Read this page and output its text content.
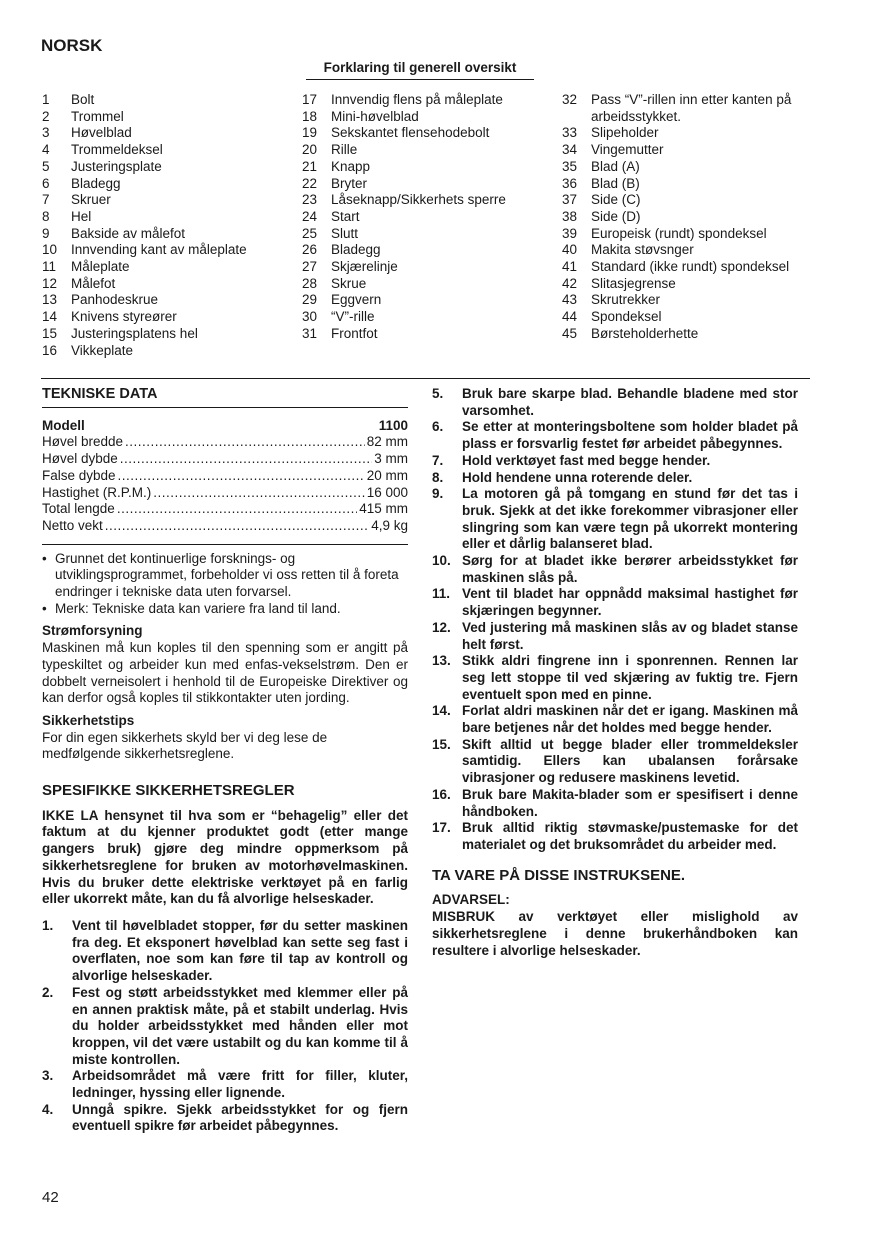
NORSK
Forklaring til generell oversikt
1	Bolt
2	Trommel
3	Høvelblad
4	Trommeldeksel
5	Justeringsplate
6	Bladegg
7	Skruer
8	Hel
9	Bakside av målefot
10	Innvending kant av måleplate
11	Måleplate
12	Målefot
13	Panhodeskrue
14	Knivens styreører
15	Justeringsplatens hel
16	Vikkeplate
17	Innvendig flens på måleplate
18	Mini-høvelblad
19	Sekskantet flensehodebolt
20	Rille
21	Knapp
22	Bryter
23	Låseknapp/Sikkerhets sperre
24	Start
25	Slutt
26	Bladegg
27	Skjærelinje
28	Skrue
29	Eggvern
30	“V”-rille
31	Frontfot
32	Pass “V”-rillen inn etter kanten på arbeidsstykket.
33	Slipeholder
34	Vingemutter
35	Blad (A)
36	Blad (B)
37	Side (C)
38	Side (D)
39	Europeisk (rundt) spondeksel
40	Makita støvsnger
41	Standard (ikke rundt) spondeksel
42	Slitasjegrense
43	Skrutrekker
44	Spondeksel
45	Børsteholderhette
TEKNISKE DATA
Modell	1100
Høvel bredde .....	82 mm
Høvel dybde .....	3 mm
False dybde .....	20 mm
Hastighet (R.P.M.) .....	16 000
Total lengde .....	415 mm
Netto vekt .....	4,9 kg
• Grunnet det kontinuerlige forsknings- og utviklingsprogrammet, forbeholder vi oss retten til å foreta endringer i tekniske data uten forvarsel.
• Merk: Tekniske data kan variere fra land til land.
Strømforsyning

Maskinen må kun koples til den spenning som er angitt på typeskiltet og arbeider kun med enfas-vekselstrøm. Den er dobbelt verneisolert i henhold til de Europeiske Direktiver og kan derfor også koples til stikkontakter uten jording.

Sikkerhetstips

For din egen sikkerhets skyld ber vi deg lese de medfølgende sikkerhetsreglene.

SPESIFIKKE SIKKERHETSREGLER

IKKE LA hensynet til hva som er “behagelig” eller det faktum at du kjenner produktet godt (etter mange gangers bruk) gjøre deg mindre oppmerksom på sikkerhetsreglene for bruken av motorhøvelmaskinen. Hvis du bruker dette elektriske verktøyet på en farlig eller ukorrekt måte, kan du få alvorlige helseskader.

1.	Vent til høvelbladet stopper, før du setter maskinen fra deg. Et eksponert høvelblad kan sette seg fast i overflaten, noe som kan føre til tap av kontroll og alvorlige helseskader.
2.	Fest og støtt arbeidsstykket med klemmer eller på en annen praktisk måte, på et stabilt underlag. Hvis du holder arbeidsstykket med hånden eller mot kroppen, vil det være ustabilt og du kan komme til å miste kontrollen.
3.	Arbeidsområdet må være fritt for filler, kluter, ledninger, hyssing eller lignende.
4.	Unngå spikre. Sjekk arbeidsstykket for og fjern eventuell spikre før arbeidet påbegynnes.
5.	Bruk bare skarpe blad. Behandle bladene med stor varsomhet.
6.	Se etter at monteringsboltene som holder bladet på plass er forsvarlig festet før arbeidet påbegynnes.
7.	Hold verktøyet fast med begge hender.
8.	Hold hendene unna roterende deler.
9.	La motoren gå på tomgang en stund før det tas i bruk. Sjekk at det ikke forekommer vibrasjoner eller slingring som kan være tegn på ukorrekt montering eller et dårlig balanseret blad.
10. Sørg for at bladet ikke berører arbeidsstykket før maskinen slås på.
11. Vent til bladet har oppnådd maksimal hastighet før skjæringen begynner.
12. Ved justering må maskinen slås av og bladet stanse helt først.
13. Stikk aldri fingrene inn i sponrennen. Rennen lar seg lett stoppe til ved skjæring av fuktig tre. Fjern eventuelt spon med en pinne.
14. Forlat aldri maskinen når det er igang. Maskinen må bare betjenes når det holdes med begge hender.
15. Skift alltid ut begge blader eller trommeldeksler samtidig. Ellers kan ubalansen forårsake vibrasjoner og redusere maskinens levetid.
16. Bruk bare Makita-blader som er spesifisert i denne håndboken.
17. Bruk alltid riktig støvmaske/pustemaske for det materialet og det bruksområdet du arbeider med.
TA VARE PÅ DISSE INSTRUKSENE.
ADVARSEL:

MISBRUK av verktøyet eller mislighold av sikkerhetsreglene i denne brukerhåndboken kan resultere i alvorlige helseskader.

42
